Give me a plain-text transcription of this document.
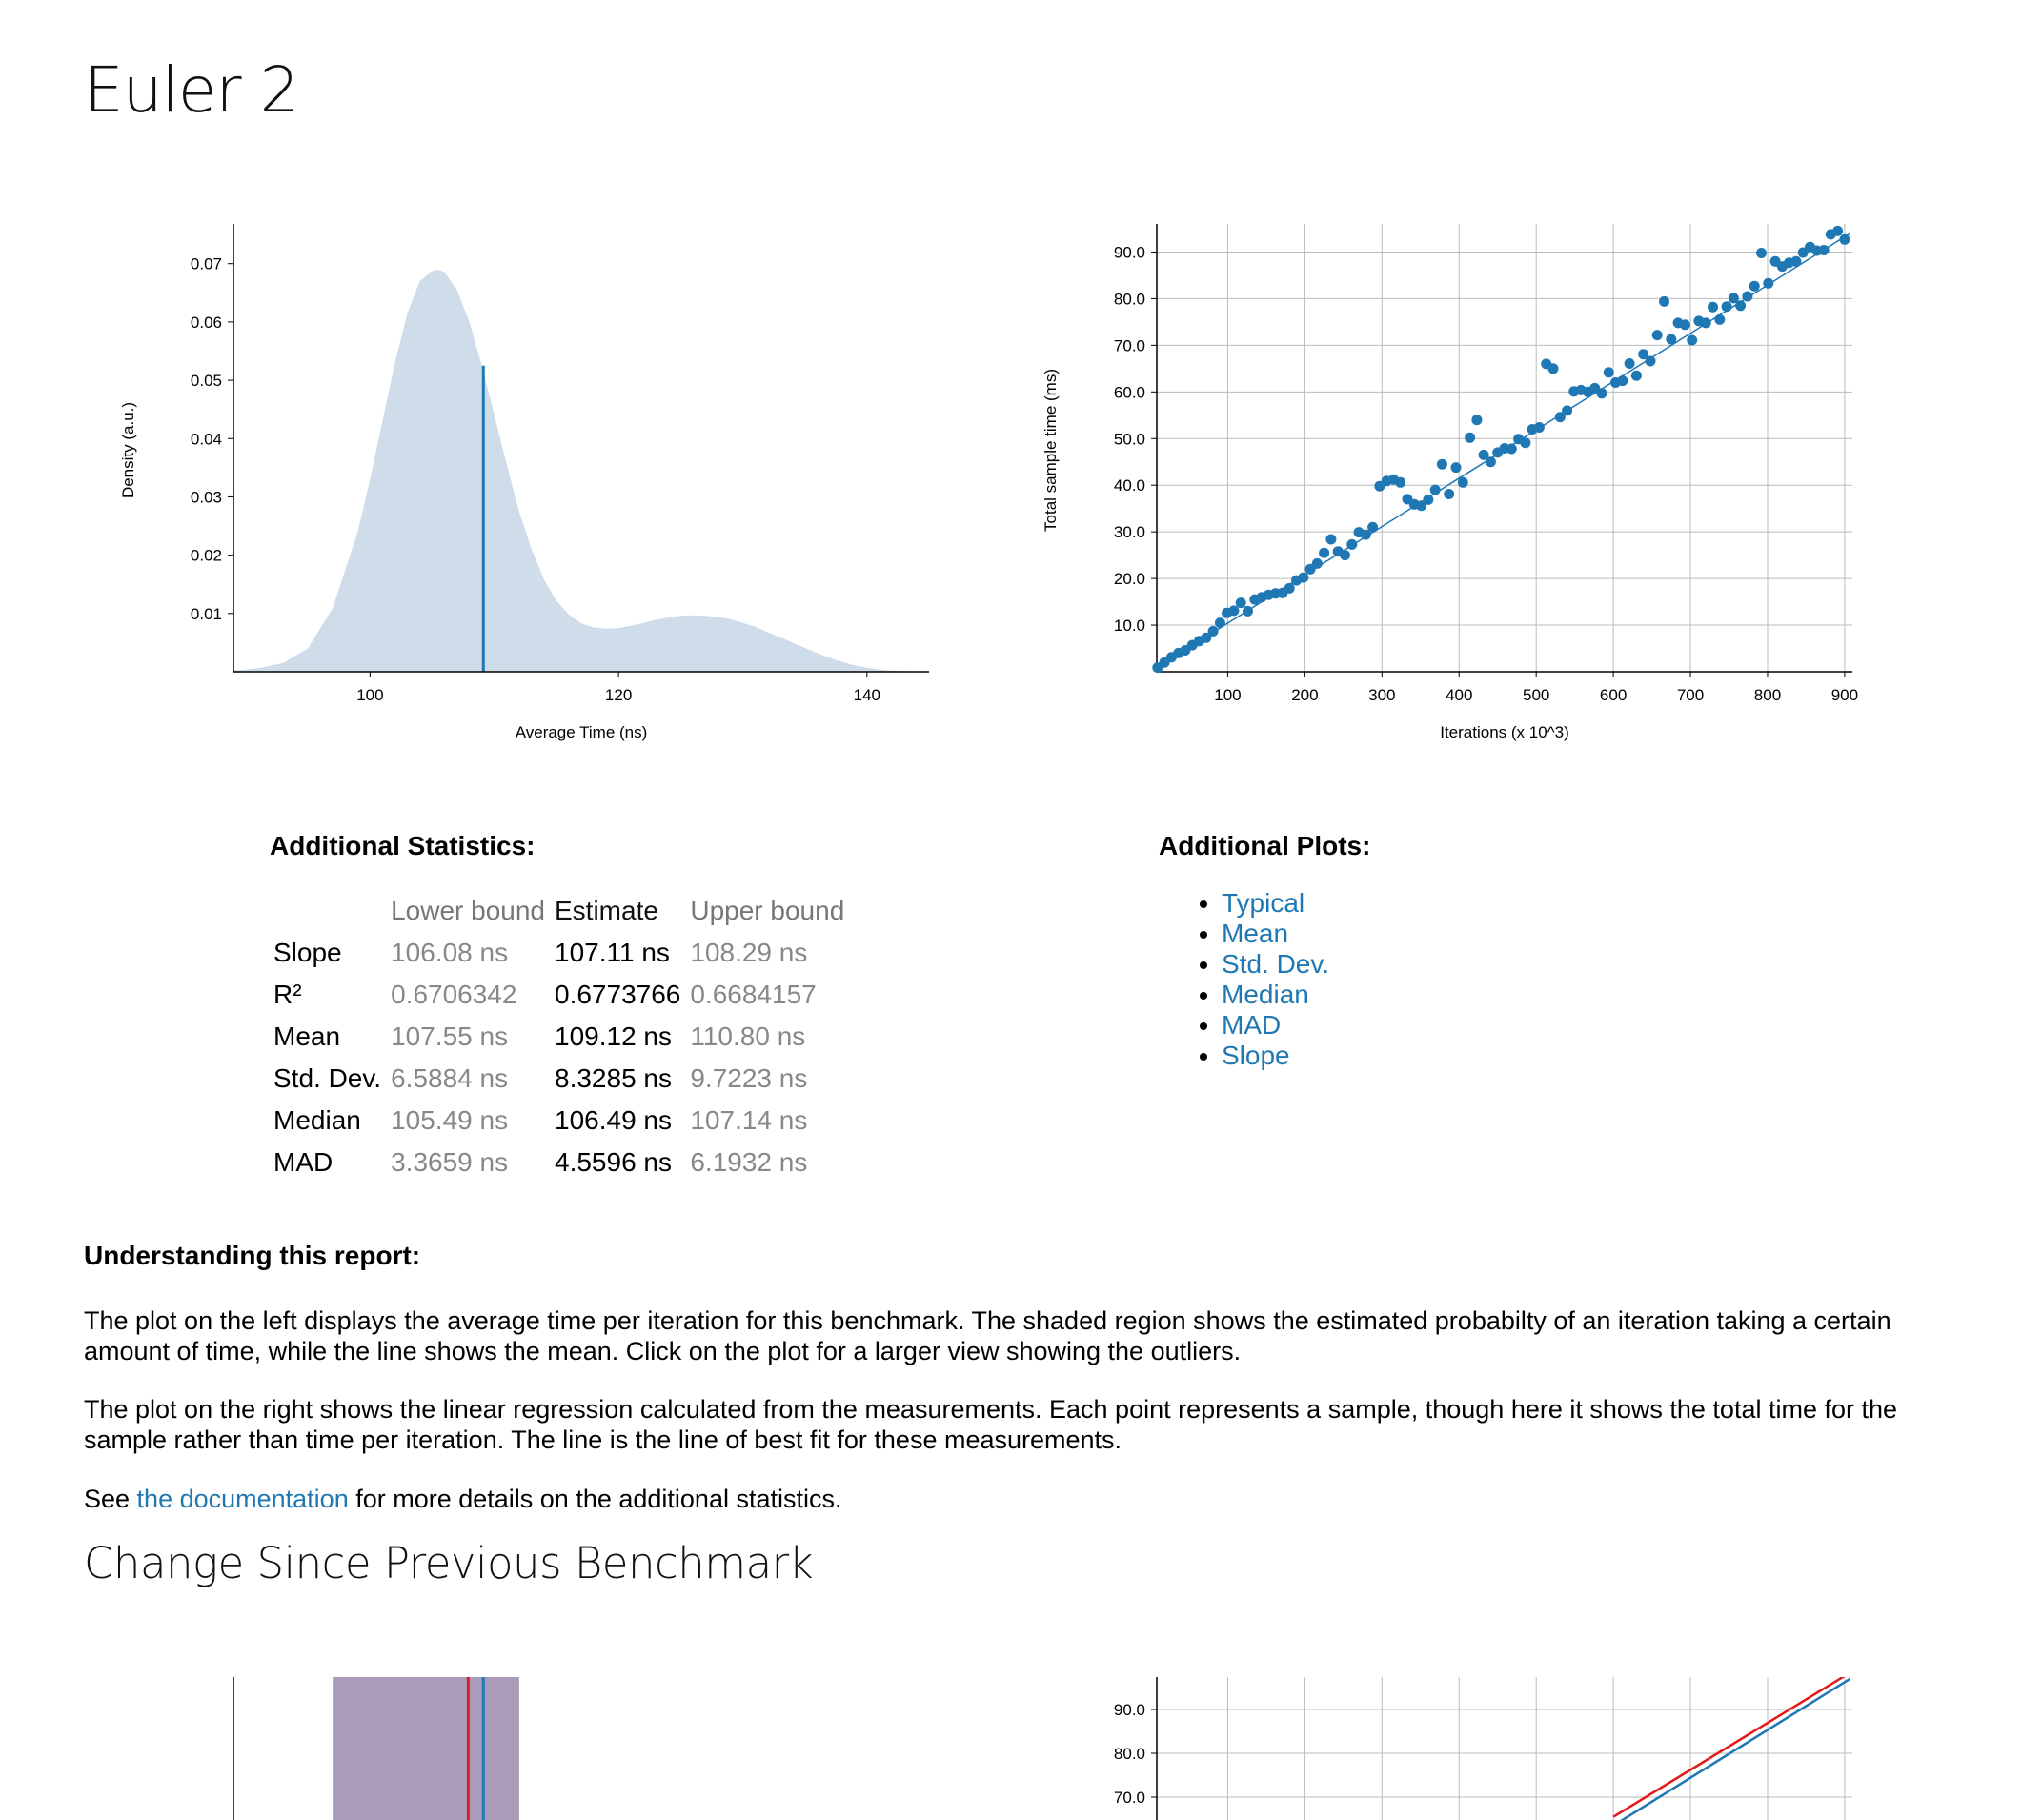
Euler 2
0.01
0.02
0.03
0.04
0.05
0.06
0.07
100	120	140
Average Time (ns)
Density (a.u.)
100	200	300	400	500	600	700	800	900
10.0
20.0
30.0
40.0
50.0
60.0
70.0
80.0
90.0
Iterations (x 10^3)
Total sample time (ms)
Additional Statistics:
	Lower bound	Estimate	Upper bound
Slope	106.08 ns	107.11 ns	108.29 ns
R²	0.6706342	0.6773766	0.6684157
Mean	107.55 ns	109.12 ns	110.80 ns
Std. Dev.	6.5884 ns	8.3285 ns	9.7223 ns
Median	105.49 ns	106.49 ns	107.14 ns
MAD	3.3659 ns	4.5596 ns	6.1932 ns
Additional Plots:
• Typical
• Mean
• Std. Dev.
• Median
• MAD
• Slope
Understanding this report:

The plot on the left displays the average time per iteration for this benchmark. The shaded region shows the estimated probabilty of an iteration taking a certain amount of time, while the line shows the mean. Click on the plot for a larger view showing the outliers.

The plot on the right shows the linear regression calculated from the measurements. Each point represents a sample, though here it shows the total time for the sample rather than time per iteration. The line is the line of best fit for these measurements.

See the documentation for more details on the additional statistics.

Change Since Previous Benchmark
70.0
80.0
90.0
